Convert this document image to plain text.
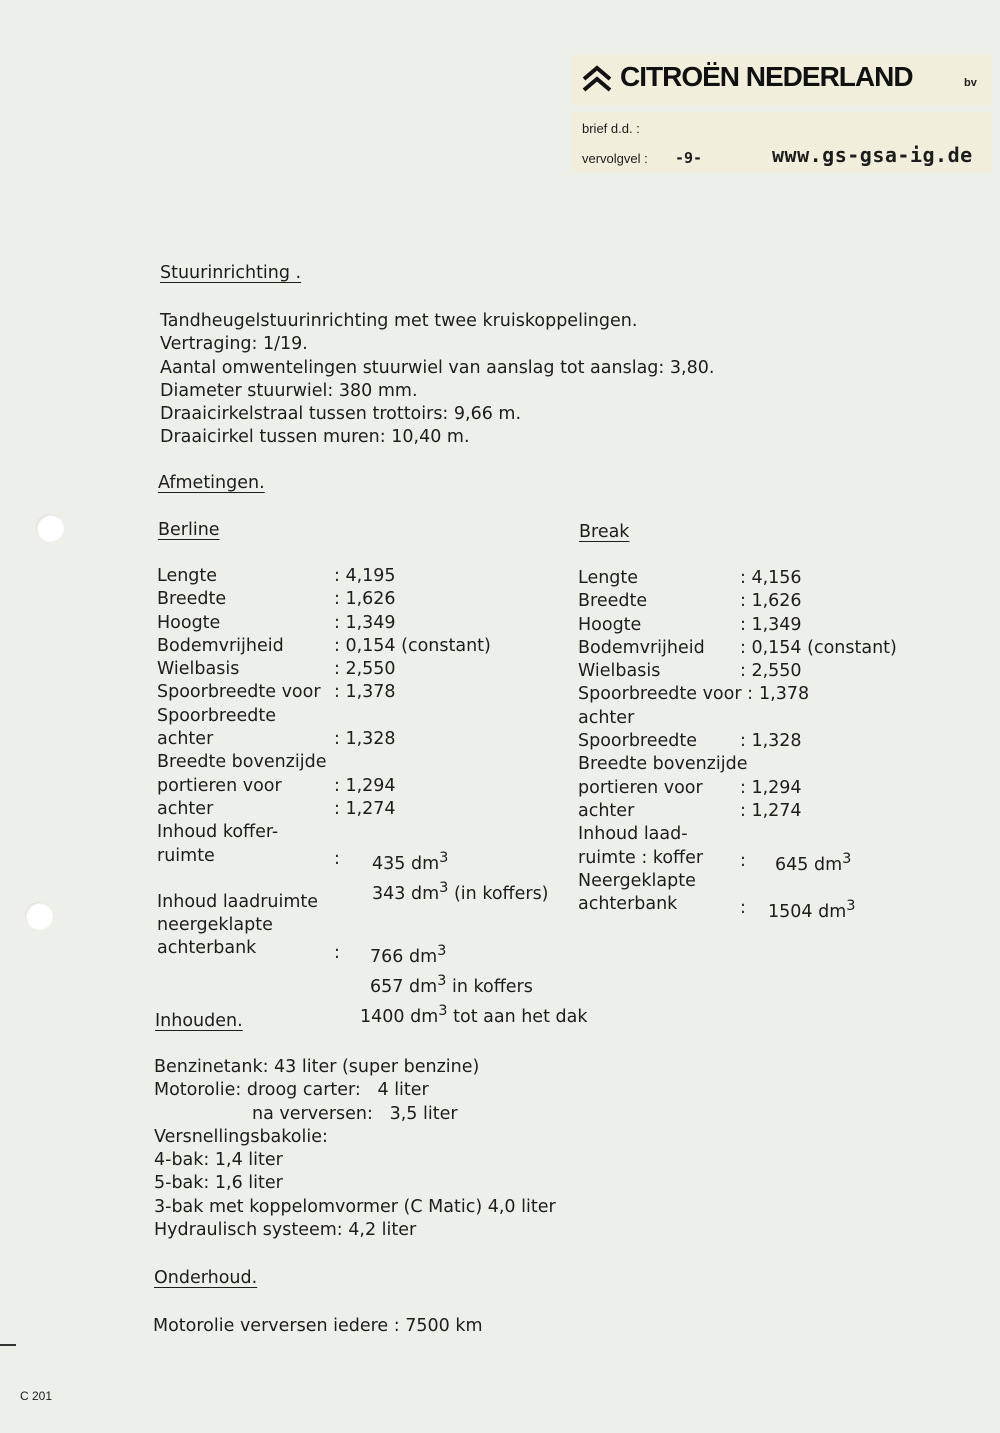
CITROËN NEDERLAND	bv
brief d.d. :
vervolgvel : -9-	www.gs-gsa-ig.de
Stuurinrichting .
Tandheugelstuurinrichting met twee kruiskoppelingen.
Vertraging: 1/19.
Aantal omwentelingen stuurwiel van aanslag tot aanslag: 3,80.
Diameter stuurwiel: 380 mm.
Draaicirkelstraal tussen trottoirs: 9,66 m.
Draaicirkel tussen muren: 10,40 m.
Afmetingen.
Berline
Lengte
Breedte
Hoogte
Bodemvrijheid
Wielbasis
Spoorbreedte voor
Spoorbreedte
achter
Breedte bovenzijde
portieren voor
achter
Inhoud koffer-
ruimte
Inhoud laadruimte
neergeklapte
achterbank
: 4,195
: 1,626
: 1,349
: 0,154 (constant)
: 2,550
: 1,378

: 1,328

: 1,294
: 1,274
: 435 $dm^3$
343 $dm^3$ (in koffers)
: 766 $dm^3$
657 $dm^3$ in koffers
1400 $dm^3$ tot aan het dak
Break
Lengte
Breedte
Hoogte
Bodemvrijheid
Wielbasis
Spoorbreedte voor :
achter
Spoorbreedte
Breedte bovenzijde
portieren voor
achter
Inhoud laad-
ruimte : koffer
Neergeklapte
achterbank
: 4,156
: 1,626
: 1,349
: 0,154 (constant)
: 2,550
1,378
: 1,328

: 1,294
: 1,274
: 645 $dm^3$
: 1504 $dm^3$
Inhouden.
Benzinetank: 43 liter (super benzine)
Motorolie: droog carter: 4 liter
na verversen: 3,5 liter
Versnellingsbakolie:
4-bak: 1,4 liter
5-bak: 1,6 liter
3-bak met koppelomvormer (C Matic) 4,0 liter
Hydraulisch systeem: 4,2 liter
Onderhoud.
Motorolie verversen iedere : 7500 km
C 201
